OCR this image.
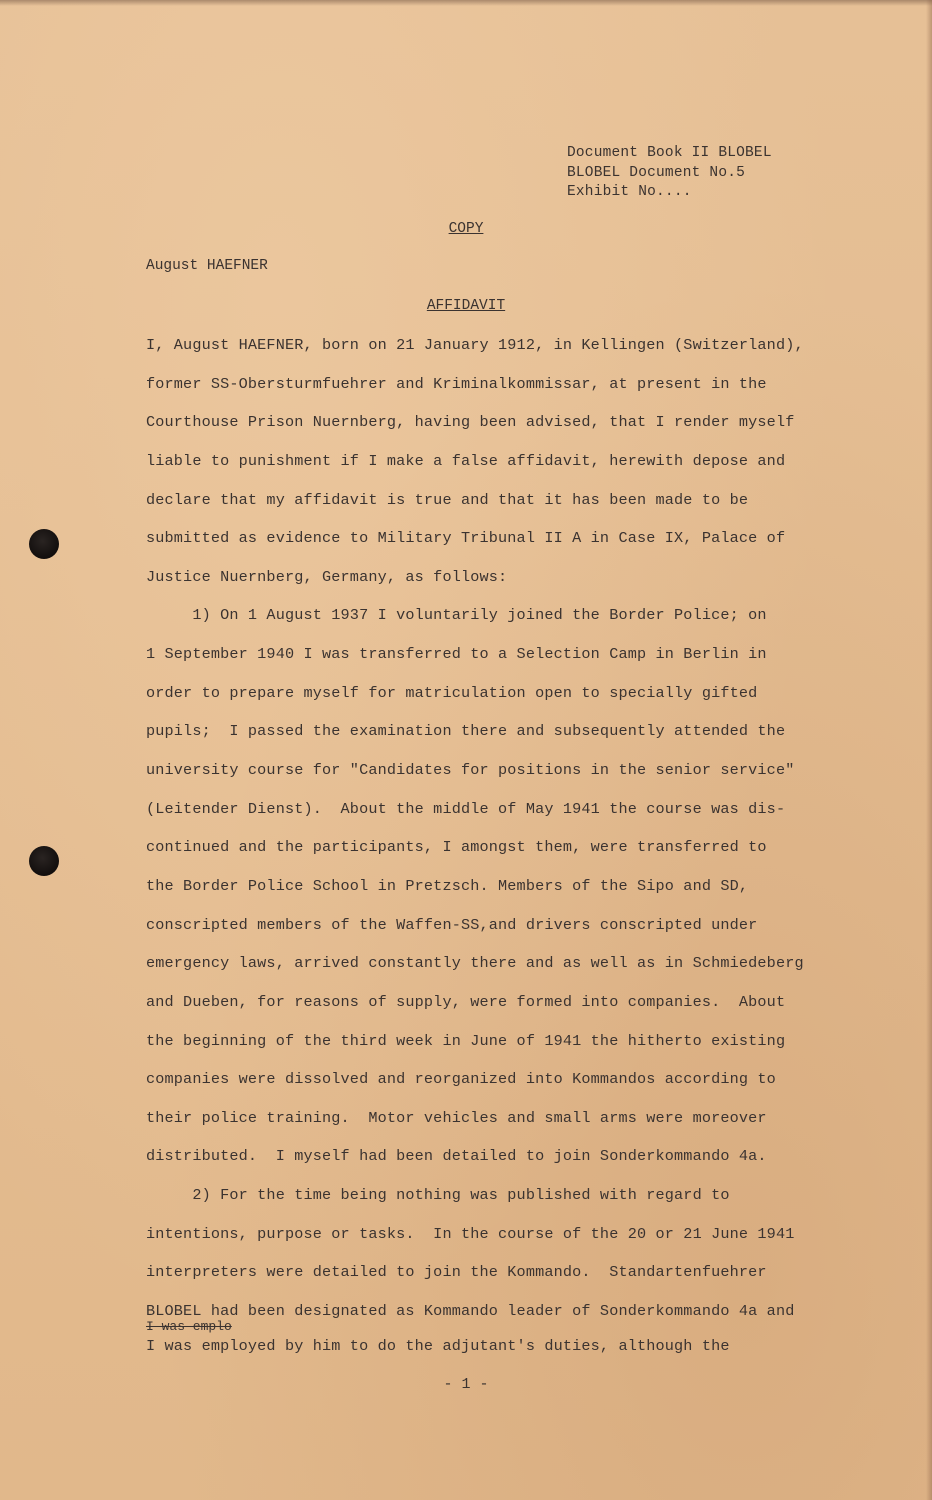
Document Book II BLOBEL
BLOBEL Document No.5
Exhibit No....
COPY
August HAEFNER
AFFIDAVIT
I, August HAEFNER, born on 21 January 1912, in Kellingen (Switzerland),
former SS-Obersturmfuehrer and Kriminalkommissar, at present in the
Courthouse Prison Nuernberg, having been advised, that I render myself
liable to punishment if I make a false affidavit, herewith depose and
declare that my affidavit is true and that it has been made to be
submitted as evidence to Military Tribunal II A in Case IX, Palace of
Justice Nuernberg, Germany, as follows:
1) On 1 August 1937 I voluntarily joined the Border Police; on
1 September 1940 I was transferred to a Selection Camp in Berlin in
order to prepare myself for matriculation open to specially gifted
pupils;  I passed the examination there and subsequently attended the
university course for "Candidates for positions in the senior service"
(Leitender Dienst).  About the middle of May 1941 the course was dis-
continued and the participants, I amongst them, were transferred to
the Border Police School in Pretzsch. Members of the Sipo and SD,
conscripted members of the Waffen-SS,and drivers conscripted under
emergency laws, arrived constantly there and as well as in Schmiedeberg
and Dueben, for reasons of supply, were formed into companies.  About
the beginning of the third week in June of 1941 the hitherto existing
companies were dissolved and reorganized into Kommandos according to
their police training.  Motor vehicles and small arms were moreover
distributed.  I myself had been detailed to join Sonderkommando 4a.
2) For the time being nothing was published with regard to
intentions, purpose or tasks.  In the course of the 20 or 21 June 1941
interpreters were detailed to join the Kommando.  Standartenfuehrer
BLOBEL had been designated as Kommando leader of Sonderkommando 4a and
I was emplo
I was employed by him to do the adjutant's duties, although the
- 1 -
